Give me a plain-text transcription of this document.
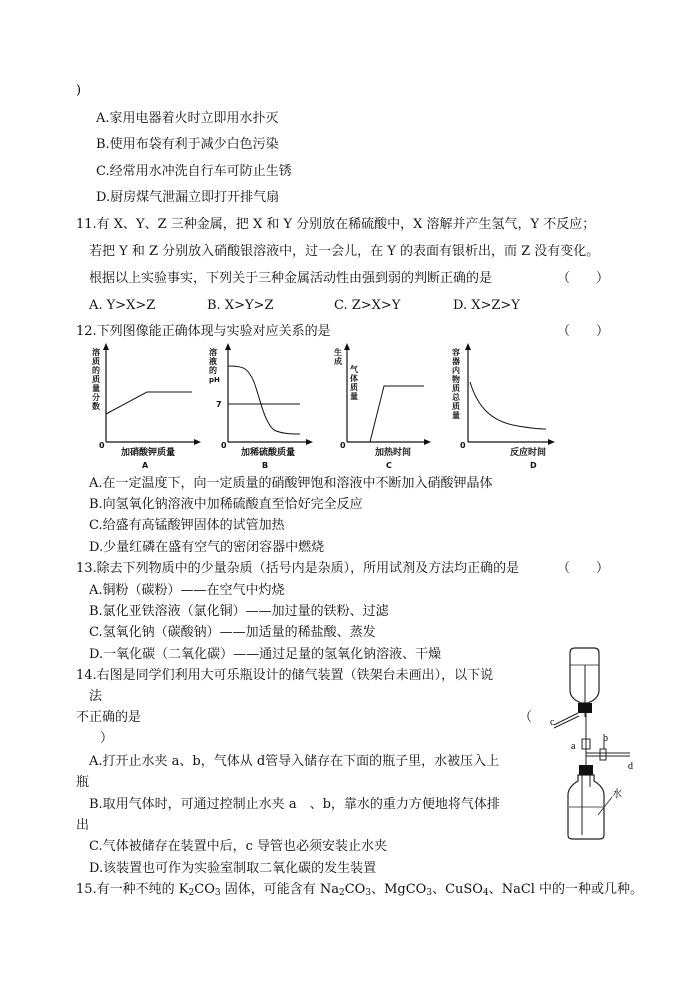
)
A.家用电器着火时立即用水扑灭
B.使用布袋有利于减少白色污染
C.经常用水冲洗自行车可防止生锈
D.厨房煤气泄漏立即打开排气扇
11.有 X、Y、Z 三种金属，把 X 和 Y 分别放在稀硫酸中，X 溶解并产生氢气，Y 不反应；
若把 Y 和 Z 分别放入硝酸银溶液中，过一会儿，在 Y 的表面有银析出，而 Z 没有变化。
根据以上实验事实，下列关于三种金属活动性由强到弱的判断正确的是	（　　）
A. Y>X>Z	B. X>Y>Z	C. Z>X>Y	D. X>Z>Y
12.下列图像能正确体现与实验对应关系的是	（　　）
溶
质
的
质
量
分
数
0
加硝酸钾质量
A
溶
液
的
pH
7
0
加稀硫酸质量
B
生
成
气
体
质
量
0
加热时间
C
容
器
内
物
质
总
质
量
0
反应时间
D
A.在一定温度下，向一定质量的硝酸钾饱和溶液中不断加入硝酸钾晶体
B.向氢氧化钠溶液中加稀硫酸直至恰好完全反应
C.给盛有高锰酸钾固体的试管加热
D.少量红磷在盛有空气的密闭容器中燃烧
13.除去下列物质中的少量杂质（括号内是杂质），所用试剂及方法均正确的是	（　　）
A.铜粉（碳粉）——在空气中灼烧
B.氯化亚铁溶液（氯化铜）——加过量的铁粉、过滤
C.氢氧化钠（碳酸钠）——加适量的稀盐酸、蒸发
D.一氧化碳（二氧化碳）——通过足量的氢氧化钠溶液、干燥
14.右图是同学们利用大可乐瓶设计的储气装置（铁架台未画出），以下说
法
不正确的是	（
）
A.打开止水夹 a、b，气体从 d管导入储存在下面的瓶子里，水被压入上
瓶
B.取用气体时，可通过控制止水夹 a　、b，靠水的重力方便地将气体排
出
C.气体被储存在装置中后，c 导管也必须安装止水夹
D.该装置也可作为实验室制取二氧化碳的发生装置
c
a
b
d
水
15.有一种不纯的 $K_2CO_3$ 固体，可能含有 $Na_2CO_3$、MgCO$_3$、CuSO$_4$、NaCl 中的一种或几种。
